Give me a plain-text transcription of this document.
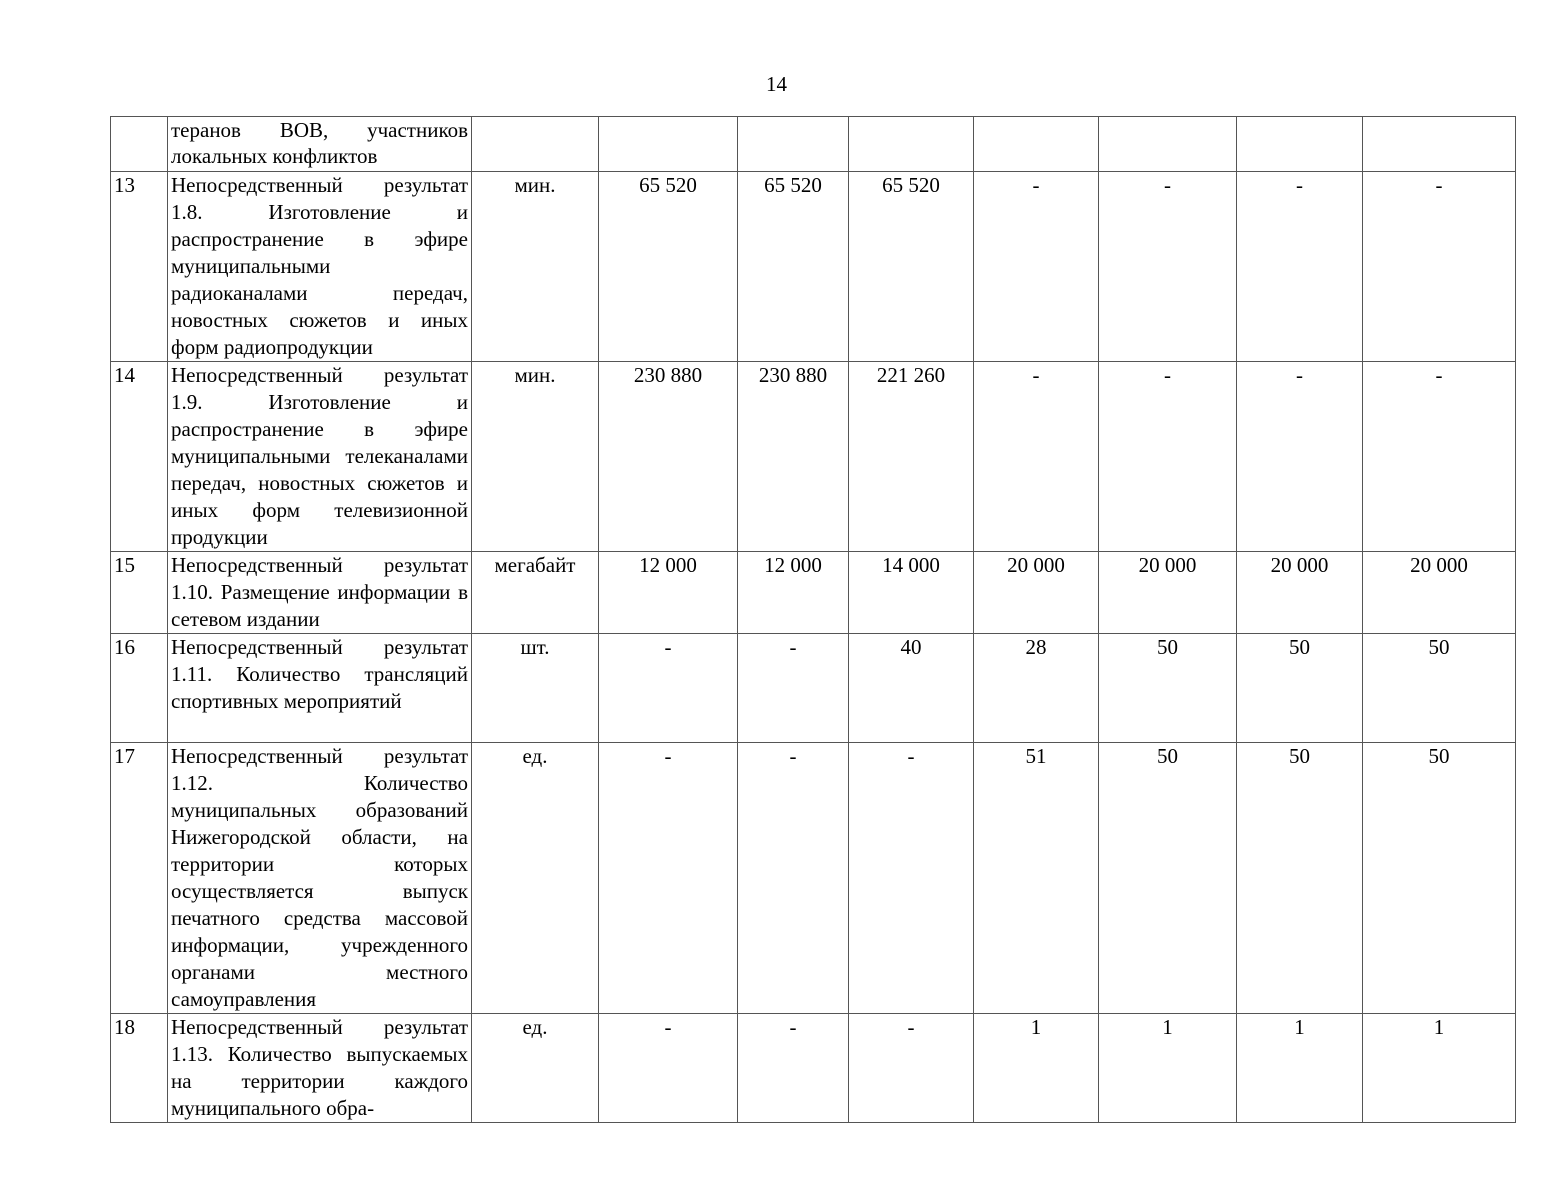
14
	теранов ВОВ, участников локальных конфликтов								
13	Непосредственный результат 1.8. Изготовление и распространение в эфире муниципальными радиоканалами передач, новостных сюжетов и иных форм радиопродукции	мин.	65 520	65 520	65 520	-	-	-	-
14	Непосредственный результат 1.9. Изготовление и распространение в эфире муниципальными телеканалами передач, новостных сюжетов и иных форм телевизионной продукции	мин.	230 880	230 880	221 260	-	-	-	-
15	Непосредственный результат 1.10. Размещение информации в сетевом издании	мегабайт	12 000	12 000	14 000	20 000	20 000	20 000	20 000
16	Непосредственный результат 1.11. Количество трансляций спортивных мероприятий	шт.	-	-	40	28	50	50	50
17	Непосредственный результат 1.12. Количество муниципальных образований Нижегородской области, на территории которых осуществляется выпуск печатного средства массовой информации, учрежденного органами местного самоуправления	ед.	-	-	-	51	50	50	50
18	Непосредственный результат 1.13. Количество выпускаемых на территории каждого муниципального обра-	ед.	-	-	-	1	1	1	1
